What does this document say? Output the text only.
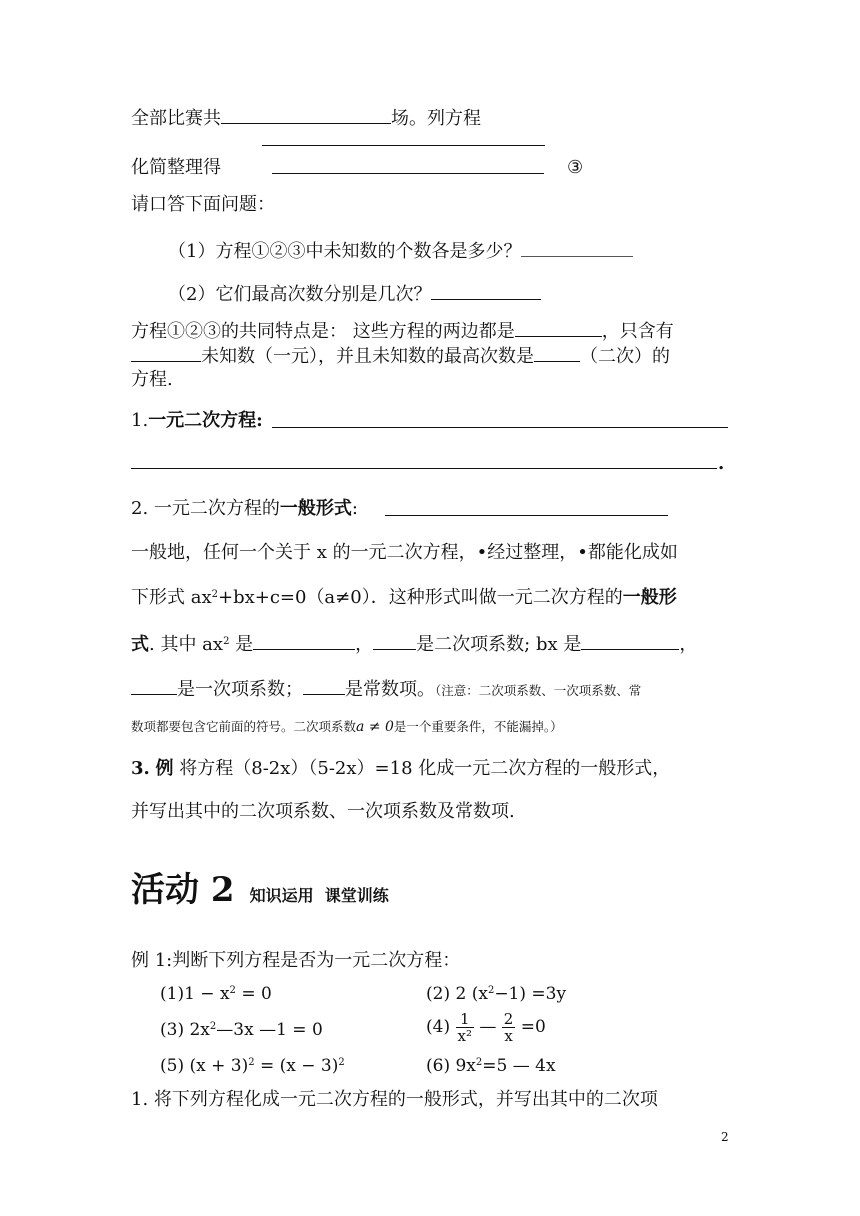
全部比赛共	场。列方程
化简整理得	③
请口答下面问题：
（1）方程①②③中未知数的个数各是多少？
（2）它们最高次数分别是几次？
方程①②③的共同特点是： 这些方程的两边都是	，只含有
未知数（一元），并且未知数的最高次数是	（二次）的
方程.
1.一元二次方程:
.
2. 一元二次方程的一般形式:
一般地，任何一个关于 x 的一元二次方程，•经过整理，•都能化成如
下形式 $ax^2+bx+c=0(a\ne 0)$．这种形式叫做一元二次方程的一般形
式. 其中 $ax^2$ 是	， 是二次项系数; bx 是	，
是一次项系数； 是常数项。（注意：二次项系数、一次项系数、常
数项都要包含它前面的符号。二次项系数a ≠ 0是一个重要条件，不能漏掉。）
3. 例 将方程（8-2x）（5-2x）=18 化成一元二次方程的一般形式，
并写出其中的二次项系数、一次项系数及常数项.
活动 2 知识运用 课堂训练
例 1:判断下列方程是否为一元二次方程：
$(1)1 - x^2 = 0$	(2) 2 $(x^2-1) =3y$
(3) $2x^2—3x$ —1 = 0	$(4) \frac{1}{\text{x²}}$ — $\frac{2}{x} =0$
(5) $(x + 3)^2 = (x - 3)^2$	(6) $9x^2=5$ — 4x
1. 将下列方程化成一元二次方程的一般形式，并写出其中的二次项
2
